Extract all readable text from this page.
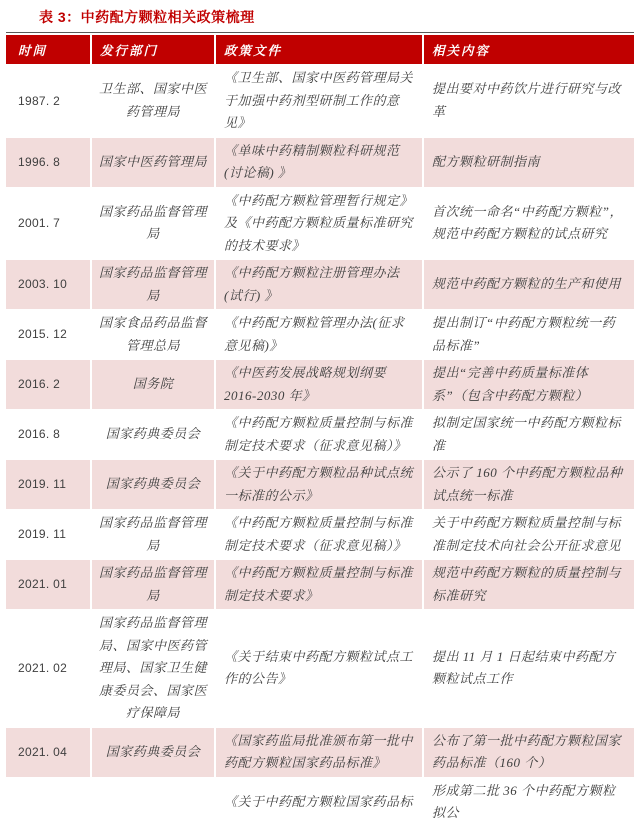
表 3：中药配方颗粒相关政策梳理
时间	发行部门	政策文件	相关内容
1987. 2	卫生部、国家中医药管理局	《卫生部、国家中医药管理局关于加强中药剂型研制工作的意见》	提出要对中药饮片进行研究与改革
1996. 8	国家中医药管理局	《单味中药精制颗粒科研规范(讨论稿) 》	配方颗粒研制指南
2001. 7	国家药品监督管理局	《中药配方颗粒管理暂行规定》及《中药配方颗粒质量标准研究的技术要求》	首次统一命名“中药配方颗粒”，规范中药配方颗粒的试点研究
2003. 10	国家药品监督管理局	《中药配方颗粒注册管理办法(试行) 》	规范中药配方颗粒的生产和使用
2015. 12	国家食品药品监督管理总局	《中药配方颗粒管理办法(征求意见稿)》	提出制订“中药配方颗粒统一药品标准”
2016. 2	国务院	《中医药发展战略规划纲要 2016-2030 年》	提出“完善中药质量标准体系”（包含中药配方颗粒）
2016. 8	国家药典委员会	《中药配方颗粒质量控制与标准制定技术要求（征求意见稿）》	拟制定国家统一中药配方颗粒标准
2019. 11	国家药典委员会	《关于中药配方颗粒品种试点统一标准的公示》	公示了 160 个中药配方颗粒品种试点统一标准
2019. 11	国家药品监督管理局	《中药配方颗粒质量控制与标准制定技术要求（征求意见稿）》	关于中药配方颗粒质量控制与标准制定技术向社会公开征求意见
2021. 01	国家药品监督管理局	《中药配方颗粒质量控制与标准制定技术要求》	规范中药配方颗粒的质量控制与标准研究
2021. 02	国家药品监督管理局、国家中医药管理局、国家卫生健康委员会、国家医疗保障局	《关于结束中药配方颗粒试点工作的公告》	提出 11 月 1 日起结束中药配方颗粒试点工作
2021. 04	国家药典委员会	《国家药监局批准颁布第一批中药配方颗粒国家药品标准》	公布了第一批中药配方颗粒国家药品标准（160 个）
		《关于中药配方颗粒国家药品标	形成第二批 36 个中药配方颗粒拟公
